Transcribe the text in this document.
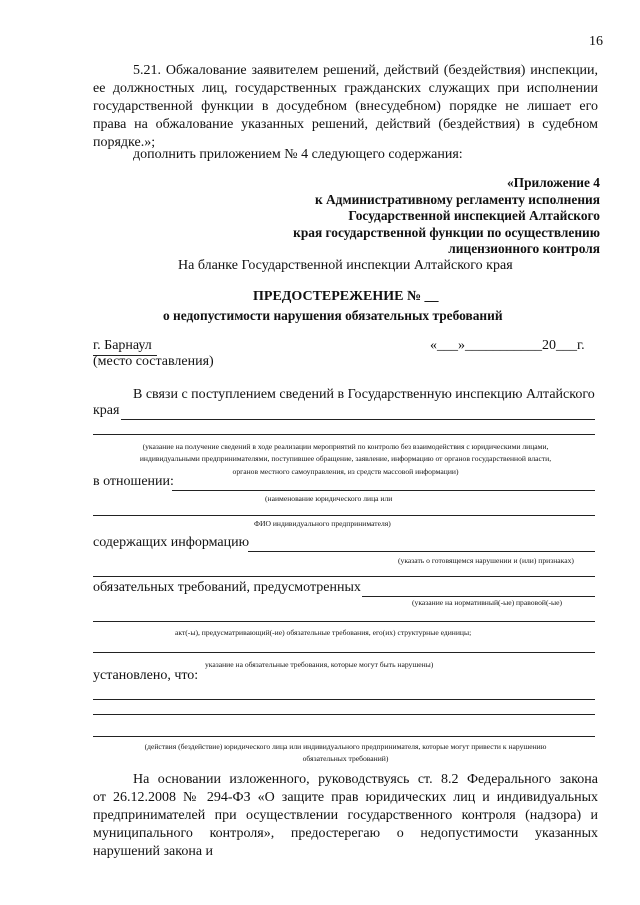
16
5.21. Обжалование заявителем решений, действий (бездействия) инспекции,
ее должностных лиц, государственных гражданских служащих при исполнении
государственной функции в досудебном (внесудебном) порядке не лишает его
права на обжалование указанных решений, действий (бездействия) в судебном
порядке.»;
дополнить приложением № 4 следующего содержания:
«Приложение 4
к Административному регламенту исполнения
Государственной инспекцией Алтайского
края государственной функции по осуществлению
лицензионного контроля
На бланке Государственной инспекции Алтайского края
ПРЕДОСТЕРЕЖЕНИЕ № __
о недопустимости нарушения обязательных требований
г. Барнаул
(место составления)
«___»___________20___г.
В связи с поступлением сведений в Государственную инспекцию Алтайского
края
(указание на получение сведений в ходе реализации мероприятий по контролю без взаимодействия с юридическими лицами,
индивидуальными предпринимателями, поступившее обращение, заявление, информацию от органов государственной власти,
органов местного самоуправления, из средств массовой информации)
в отношении:
(наименование юридического лица или
ФИО индивидуального предпринимателя)
содержащих информацию
(указать о готовящемся нарушении и (или) признаках)
обязательных требований, предусмотренных
(указание на нормативный(-ые) правовой(-ые)
акт(-ы), предусматривающий(-ие) обязательные требования, его(их) структурные единицы;
указание на обязательные требования, которые могут быть нарушены)
установлено, что:
(действия (бездействие) юридического лица или индивидуального предпринимателя, которые могут привести к нарушению
обязательных требований)
На основании изложенного, руководствуясь ст. 8.2 Федерального закона
от 26.12.2008 № 294-ФЗ «О защите прав юридических лиц и индивидуальных
предпринимателей при осуществлении государственного контроля (надзора) и
муниципального контроля», предостерегаю о недопустимости указанных
нарушений закона и
